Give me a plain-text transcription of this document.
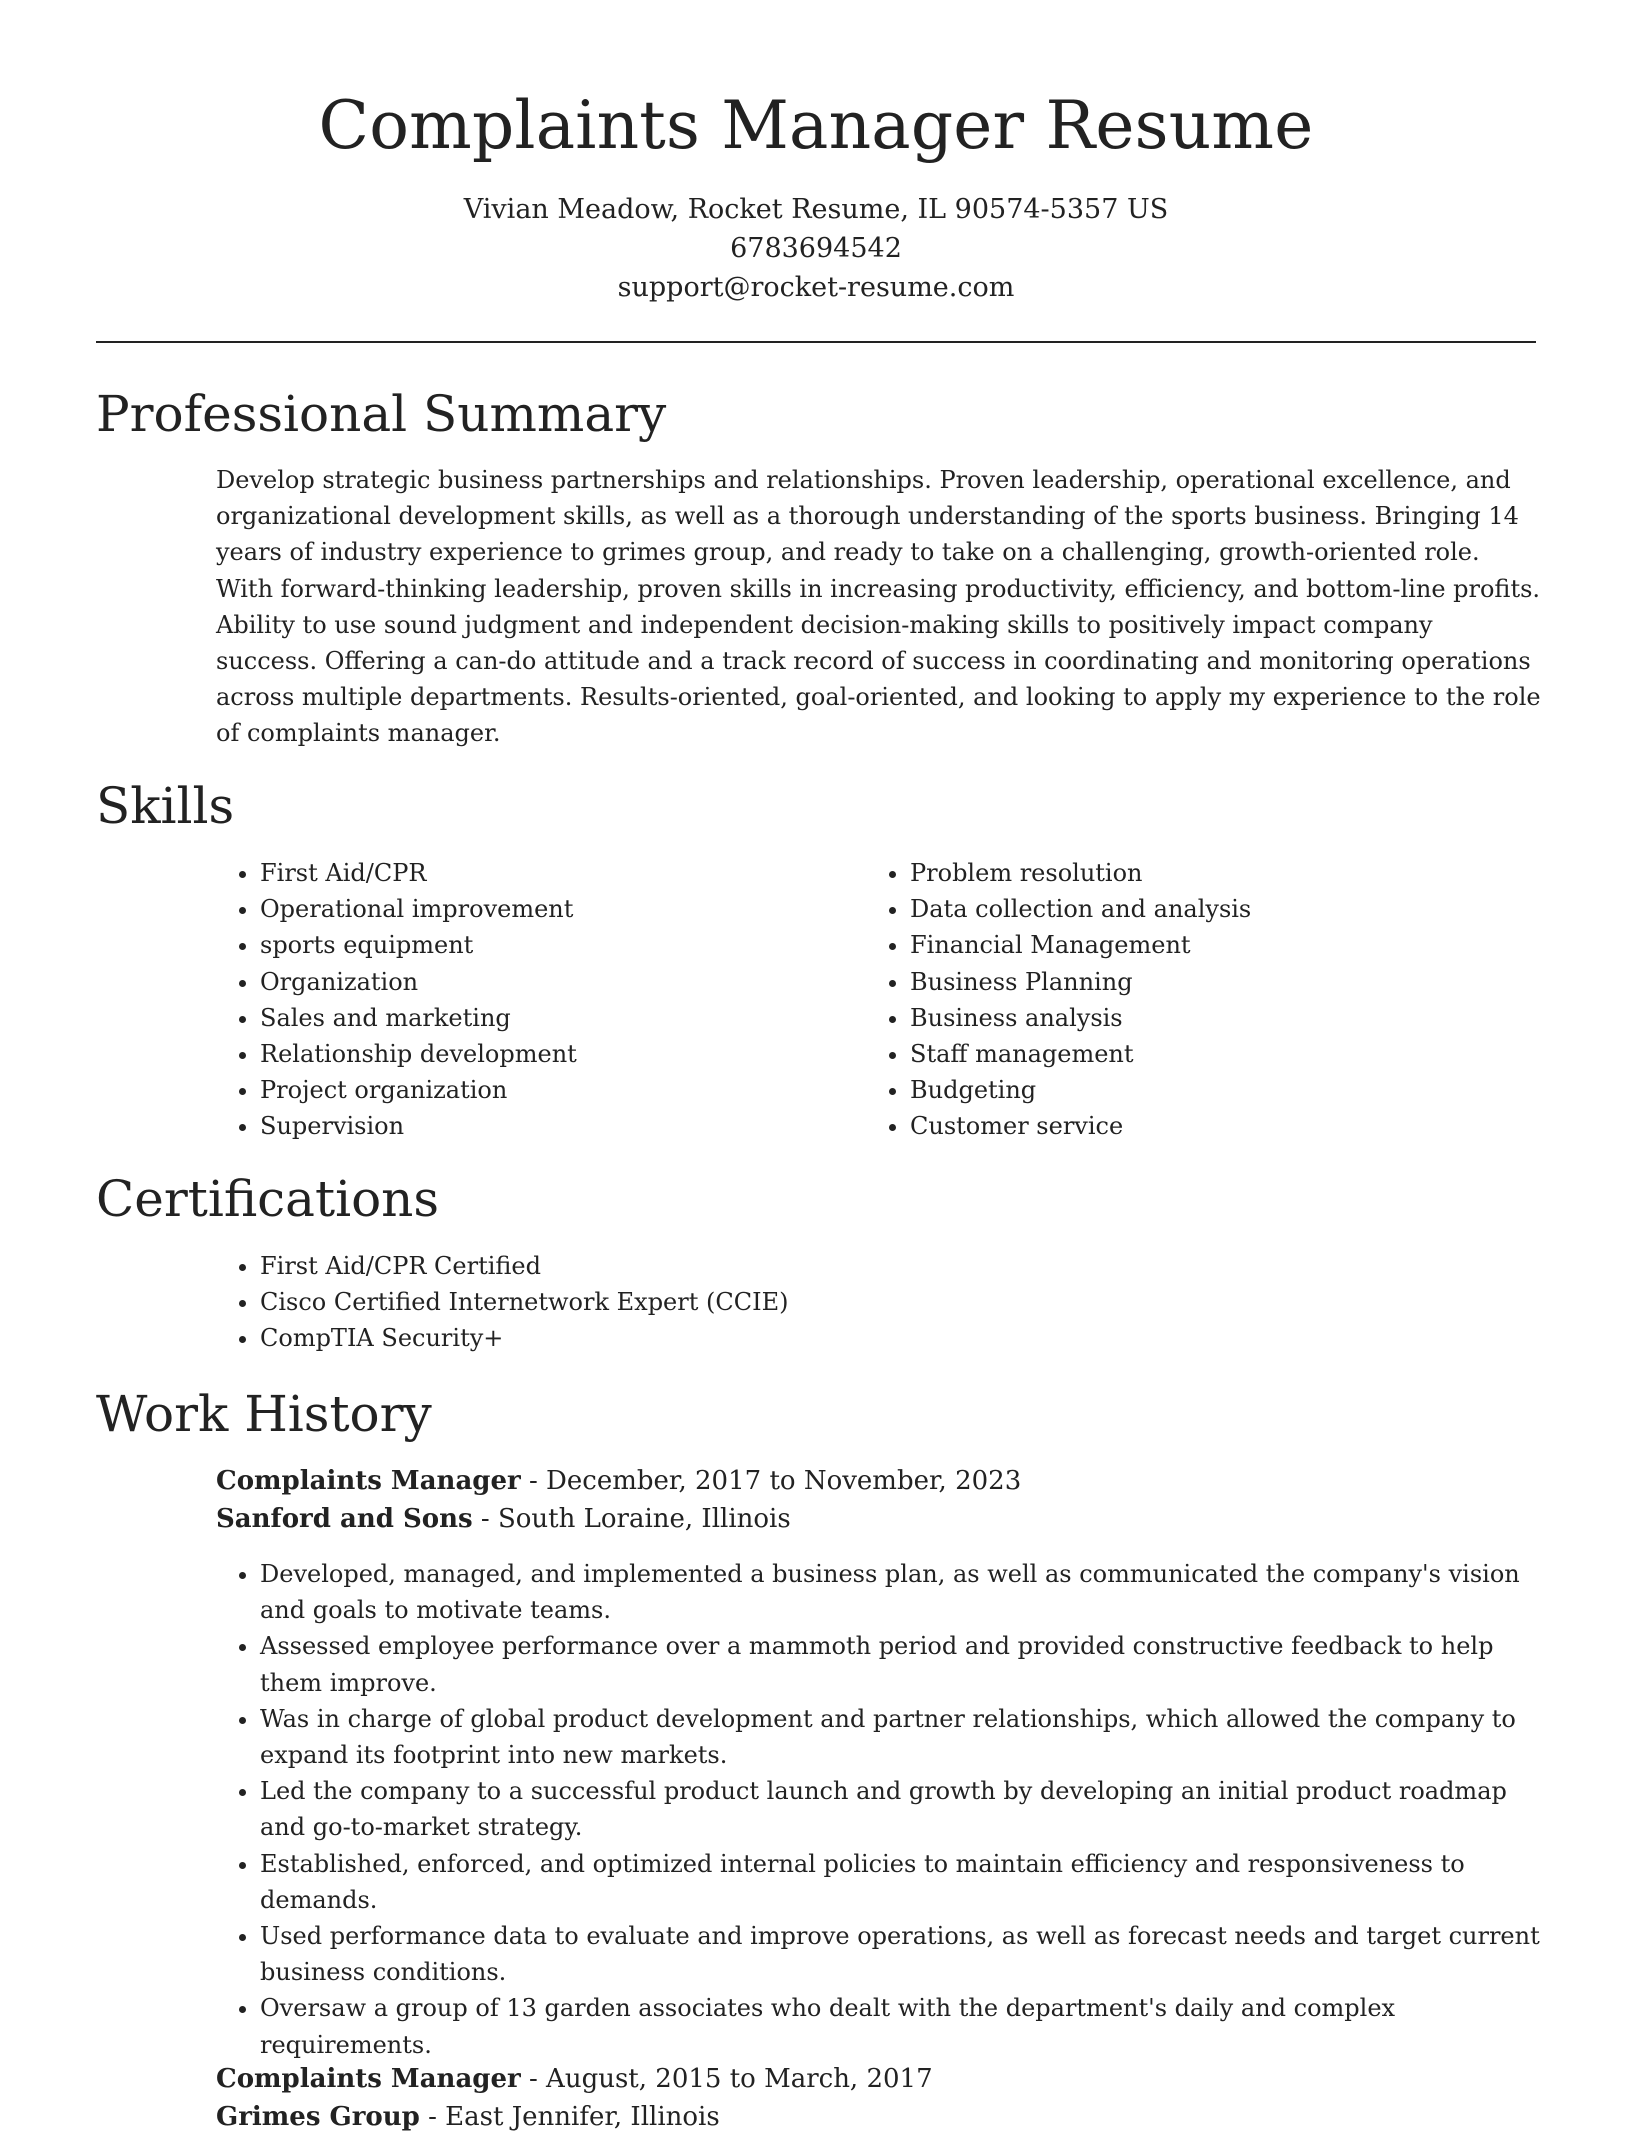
Complaints Manager Resume
Vivian Meadow, Rocket Resume, IL 90574-5357 US
6783694542
support@rocket-resume.com
Professional Summary

Develop strategic business partnerships and relationships. Proven leadership, operational excellence, and organizational development skills, as well as a thorough understanding of the sports business. Bringing 14 years of industry experience to grimes group, and ready to take on a challenging, growth-oriented role. With forward-thinking leadership, proven skills in increasing productivity, efficiency, and bottom-line profits. Ability to use sound judgment and independent decision-making skills to positively impact company success. Offering a can-do attitude and a track record of success in coordinating and monitoring operations across multiple departments. Results-oriented, goal-oriented, and looking to apply my experience to the role of complaints manager.

Skills
• First Aid/CPR
• Operational improvement
• sports equipment
• Organization
• Sales and marketing
• Relationship development
• Project organization
• Supervision
• Problem resolution
• Data collection and analysis
• Financial Management
• Business Planning
• Business analysis
• Staff management
• Budgeting
• Customer service
Certifications
• First Aid/CPR Certified
• Cisco Certified Internetwork Expert (CCIE)
• CompTIA Security+
Work History
Complaints Manager - December, 2017 to November, 2023
Sanford and Sons - South Loraine, Illinois
• Developed, managed, and implemented a business plan, as well as communicated the company's vision and goals to motivate teams.
• Assessed employee performance over a mammoth period and provided constructive feedback to help them improve.
• Was in charge of global product development and partner relationships, which allowed the company to expand its footprint into new markets.
• Led the company to a successful product launch and growth by developing an initial product roadmap and go-to-market strategy.
• Established, enforced, and optimized internal policies to maintain efficiency and responsiveness to demands.
• Used performance data to evaluate and improve operations, as well as forecast needs and target current business conditions.
• Oversaw a group of 13 garden associates who dealt with the department's daily and complex requirements.
Complaints Manager - August, 2015 to March, 2017
Grimes Group - East Jennifer, Illinois
